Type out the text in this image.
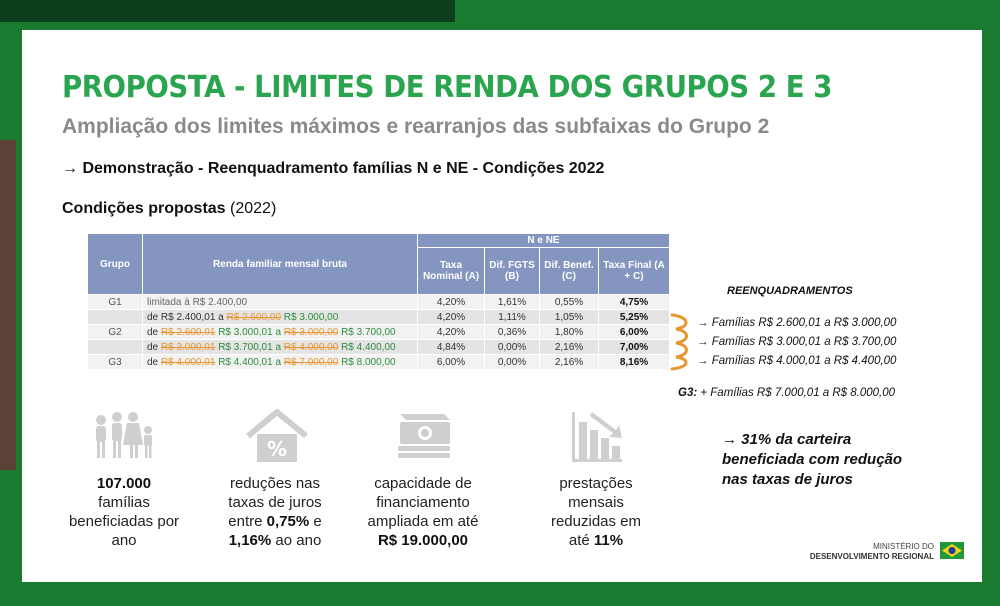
PROPOSTA - LIMITES DE RENDA DOS GRUPOS 2 E 3
Ampliação dos limites máximos e rearranjos das subfaixas do Grupo 2
→ Demonstração - Reenquadramento famílias N e NE - Condições 2022
Condições propostas (2022)
Grupo	Renda familiar mensal bruta	N e NE			
		Taxa Nominal (A)	Dif. FGTS (B)	Dif. Benef. (C)	Taxa Final (A + C)
G1	limitada à R$ 2.400,00	4,20%	1,61%	0,55%	4,75%
	de R$ 2.400,01 a R$ 2.600,00 R$ 3.000,00	4,20%	1,11%	1,05%	5,25%
G2	de R$ 2.600,01 R$ 3.000,01 a R$ 3.000,00 R$ 3.700,00	4,20%	0,36%	1,80%	6,00%
	de R$ 3.000,01 R$ 3.700,01 a R$ 4.000,00 R$ 4.400,00	4,84%	0,00%	2,16%	7,00%
G3	de R$ 4.000,01 R$ 4.400,01 a R$ 7.000,00 R$ 8.000,00	6,00%	0,00%	2,16%	8,16%
REENQUADRAMENTOS
→ Famílias R$ 2.600,01 a R$ 3.000,00
→ Famílias R$ 3.000,01 a R$ 3.700,00
→ Famílias R$ 4.000,01 a R$ 4.400,00
G3: + Famílias R$ 7.000,01 a R$ 8.000,00
→ 31% da carteira beneficiada com redução nas taxas de juros
%
107.000
famílias beneficiadas por ano
reduções nas taxas de juros
entre 0,75% e
1,16% ao ano
capacidade de financiamento ampliada em até
R$ 19.000,00
prestações mensais reduzidas em
até 11%	MINISTÉRIO DO
DESENVOLVIMENTO REGIONAL
